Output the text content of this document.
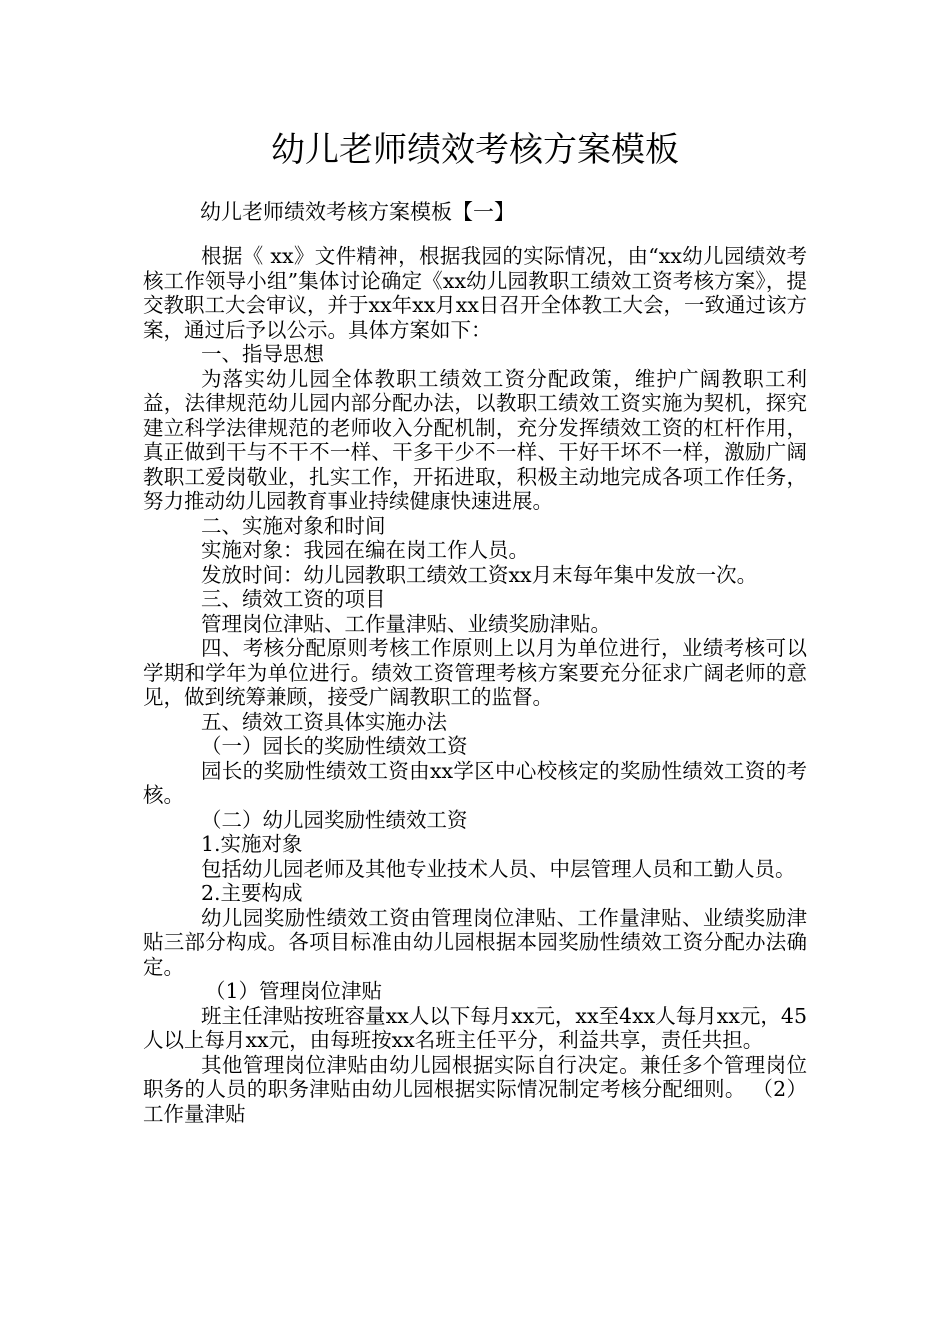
幼儿老师绩效考核方案模板
幼儿老师绩效考核方案模板【一】

根据《 xx》文件精神，根据我园的实际情况，由“xx幼儿园绩效考核工作领导小组”集体讨论确定《xx幼儿园教职工绩效工资考核方案》，提交教职工大会审议，并于xx年xx月xx日召开全体教工大会，一致通过该方案，通过后予以公示。具体方案如下：

一、指导思想

为落实幼儿园全体教职工绩效工资分配政策，维护广阔教职工利益，法律规范幼儿园内部分配办法，以教职工绩效工资实施为契机，探究建立科学法律规范的老师收入分配机制，充分发挥绩效工资的杠杆作用，真正做到干与不干不一样、干多干少不一样、干好干坏不一样，激励广阔教职工爱岗敬业，扎实工作，开拓进取，积极主动地完成各项工作任务，努力推动幼儿园教育事业持续健康快速进展。

二、实施对象和时间

实施对象：我园在编在岗工作人员。

发放时间：幼儿园教职工绩效工资xx月末每年集中发放一次。

三、绩效工资的项目

管理岗位津贴、工作量津贴、业绩奖励津贴。

四、考核分配原则考核工作原则上以月为单位进行，业绩考核可以学期和学年为单位进行。绩效工资管理考核方案要充分征求广阔老师的意见，做到统筹兼顾，接受广阔教职工的监督。

五、绩效工资具体实施办法

（一）园长的奖励性绩效工资

园长的奖励性绩效工资由xx学区中心校核定的奖励性绩效工资的考核。

（二）幼儿园奖励性绩效工资

1.实施对象

包括幼儿园老师及其他专业技术人员、中层管理人员和工勤人员。

2.主要构成

幼儿园奖励性绩效工资由管理岗位津贴、工作量津贴、业绩奖励津贴三部分构成。各项目标准由幼儿园根据本园奖励性绩效工资分配办法确定。

（1）管理岗位津贴

班主任津贴按班容量xx人以下每月xx元，xx至4xx人每月xx元，45人以上每月xx元，由每班按xx名班主任平分，利益共享，责任共担。

其他管理岗位津贴由幼儿园根据实际自行决定。兼任多个管理岗位职务的人员的职务津贴由幼儿园根据实际情况制定考核分配细则。 （2）工作量津贴
